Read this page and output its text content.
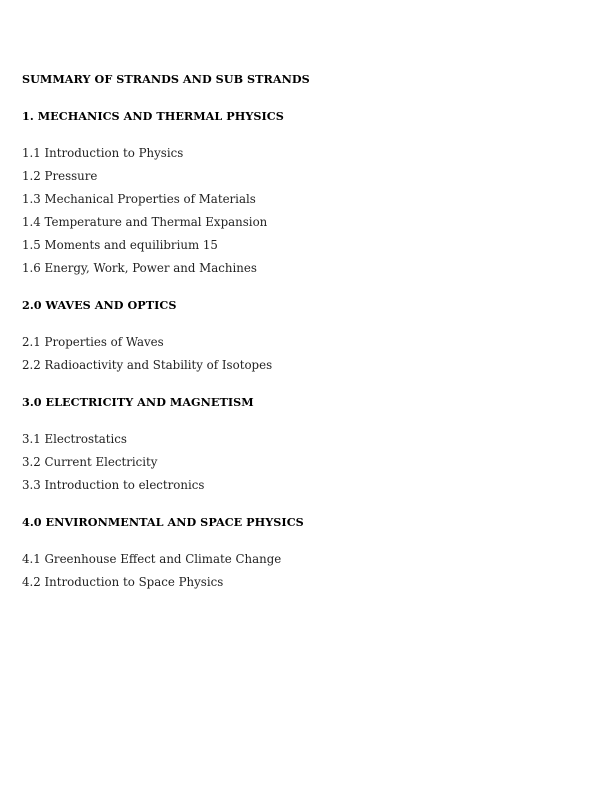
SUMMARY OF STRANDS AND SUB STRANDS
1. MECHANICS AND THERMAL PHYSICS
1.1 Introduction to Physics
1.2 Pressure
1.3 Mechanical Properties of Materials
1.4 Temperature and Thermal Expansion
1.5 Moments and equilibrium 15
1.6 Energy, Work, Power and Machines
2.0 WAVES AND OPTICS
2.1 Properties of Waves
2.2 Radioactivity and Stability of Isotopes
3.0 ELECTRICITY AND MAGNETISM
3.1 Electrostatics
3.2 Current Electricity
3.3 Introduction to electronics
4.0 ENVIRONMENTAL AND SPACE PHYSICS
4.1 Greenhouse Effect and Climate Change
4.2 Introduction to Space Physics
